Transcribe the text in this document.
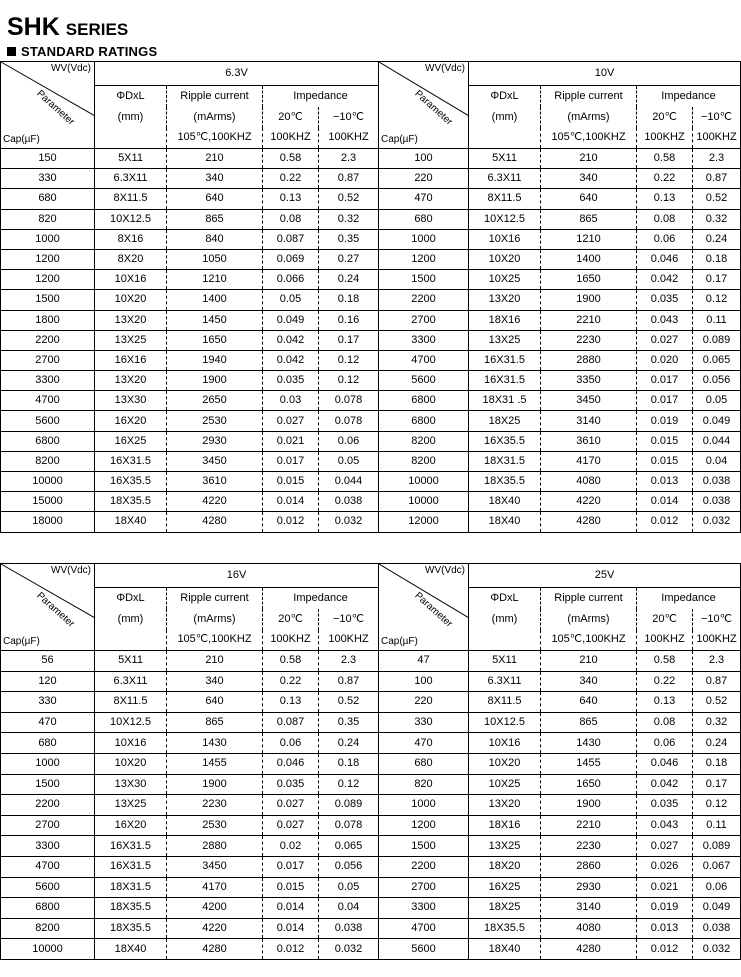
SHK SERIES
STANDARD RATINGS
WV(Vdc)
Parameter
Cap(µF)	6.3V			
	ΦDxL	Ripple current	Impedance	
	(mm)	(mArms)	20℃	−10℃
		105℃,100KHZ	100KHZ	100KHZ
150	5X11	210	0.58	2.3
330	6.3X11	340	0.22	0.87
680	8X11.5	640	0.13	0.52
820	10X12.5	865	0.08	0.32
1000	8X16	840	0.087	0.35
1200	8X20	1050	0.069	0.27
1200	10X16	1210	0.066	0.24
1500	10X20	1400	0.05	0.18
1800	13X20	1450	0.049	0.16
2200	13X25	1650	0.042	0.17
2700	16X16	1940	0.042	0.12
3300	13X20	1900	0.035	0.12
4700	13X30	2650	0.03	0.078
5600	16X20	2530	0.027	0.078
6800	16X25	2930	0.021	0.06
8200	16X31.5	3450	0.017	0.05
10000	16X35.5	3610	0.015	0.044
15000	18X35.5	4220	0.014	0.038
18000	18X40	4280	0.012	0.032
WV(Vdc)
Parameter
Cap(µF)	10V			
	ΦDxL	Ripple current	Impedance	
	(mm)	(mArms)	20℃	−10℃
		105℃,100KHZ	100KHZ	100KHZ
100	5X11	210	0.58	2.3
220	6.3X11	340	0.22	0.87
470	8X11.5	640	0.13	0.52
680	10X12.5	865	0.08	0.32
1000	10X16	1210	0.06	0.24
1200	10X20	1400	0.046	0.18
1500	10X25	1650	0.042	0.17
2200	13X20	1900	0.035	0.12
2700	18X16	2210	0.043	0.11
3300	13X25	2230	0.027	0.089
4700	16X31.5	2880	0.020	0.065
5600	16X31.5	3350	0.017	0.056
6800	18X31 .5	3450	0.017	0.05
6800	18X25	3140	0.019	0.049
8200	16X35.5	3610	0.015	0.044
8200	18X31.5	4170	0.015	0.04
10000	18X35.5	4080	0.013	0.038
10000	18X40	4220	0.014	0.038
12000	18X40	4280	0.012	0.032
WV(Vdc)
Parameter
Cap(µF)	16V			
	ΦDxL	Ripple current	Impedance	
	(mm)	(mArms)	20℃	−10℃
		105℃,100KHZ	100KHZ	100KHZ
56	5X11	210	0.58	2.3
120	6.3X11	340	0.22	0.87
330	8X11.5	640	0.13	0.52
470	10X12.5	865	0.087	0.35
680	10X16	1430	0.06	0.24
1000	10X20	1455	0.046	0.18
1500	13X30	1900	0.035	0.12
2200	13X25	2230	0.027	0.089
2700	16X20	2530	0.027	0.078
3300	16X31.5	2880	0.02	0.065
4700	16X31.5	3450	0.017	0.056
5600	18X31.5	4170	0.015	0.05
6800	18X35.5	4200	0.014	0.04
8200	18X35.5	4220	0.014	0.038
10000	18X40	4280	0.012	0.032
WV(Vdc)
Parameter
Cap(µF)	25V			
	ΦDxL	Ripple current	Impedance	
	(mm)	(mArms)	20℃	−10℃
		105℃,100KHZ	100KHZ	100KHZ
47	5X11	210	0.58	2.3
100	6.3X11	340	0.22	0.87
220	8X11.5	640	0.13	0.52
330	10X12.5	865	0.08	0.32
470	10X16	1430	0.06	0.24
680	10X20	1455	0.046	0.18
820	10X25	1650	0.042	0.17
1000	13X20	1900	0.035	0.12
1200	18X16	2210	0.043	0.11
1500	13X25	2230	0.027	0.089
2200	18X20	2860	0.026	0.067
2700	16X25	2930	0.021	0.06
3300	18X25	3140	0.019	0.049
4700	18X35.5	4080	0.013	0.038
5600	18X40	4280	0.012	0.032
